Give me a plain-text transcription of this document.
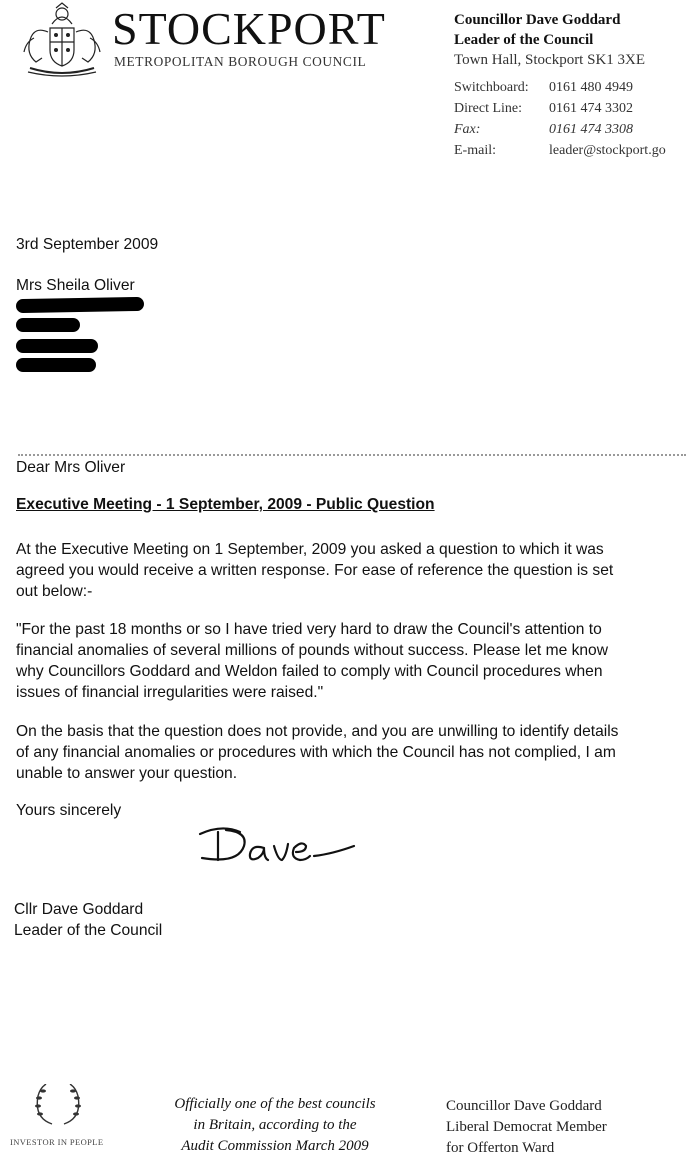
STOCKPORT
METROPOLITAN BOROUGH COUNCIL
Councillor Dave Goddard
Leader of the Council
Town Hall, Stockport SK1 3XE
Switchboard: 0161 480 4949
Direct Line: 0161 474 3302
Fax:	0161 474 3308
E-mail:	leader@stockport.go
3rd September 2009
Mrs Sheila Oliver
Dear Mrs Oliver
Executive Meeting - 1 September, 2009 - Public Question
At the Executive Meeting on 1 September, 2009 you asked a question to which it was
agreed you would receive a written response. For ease of reference the question is set
out below:-
"For the past 18 months or so I have tried very hard to draw the Council's attention to
financial anomalies of several millions of pounds without success. Please let me know
why Councillors Goddard and Weldon failed to comply with Council procedures when
issues of financial irregularities were raised."
On the basis that the question does not provide, and you are unwilling to identify details
of any financial anomalies or procedures with which the Council has not complied, I am
unable to answer your question.
Yours sincerely
Cllr Dave Goddard
Leader of the Council
INVESTOR IN PEOPLE
Officially one of the best councils
in Britain, according to the
Audit Commission March 2009
Councillor Dave Goddard
Liberal Democrat Member
for Offerton Ward
